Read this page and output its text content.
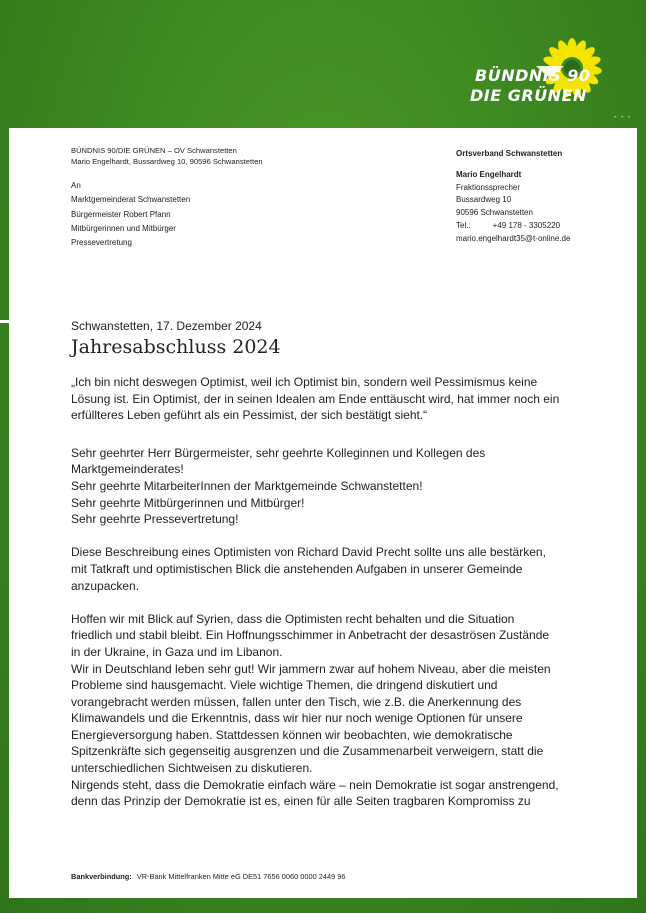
BÜNDNIS 90
DIE GRÜNEN
- - -
BÜNDNIS 90/DIE GRÜNEN – OV Schwanstetten
Mario Engelhardt, Bussardweg 10, 90596 Schwanstetten
An
Marktgemeinderat Schwanstetten
Bürgermeister Robert Pfann
Mitbürgerinnen und Mitbürger
Pressevertretung
Ortsverband Schwanstetten
Mario Engelhardt
Fraktionssprecher
Bussardweg 10
90596 Schwanstetten
Tel.:	+49 178 - 3305220
mario.engelhardt35@t-online.de
Schwanstetten, 17. Dezember 2024
Jahresabschluss 2024

„Ich bin nicht deswegen Optimist, weil ich Optimist bin, sondern weil Pessimismus keine
Lösung ist. Ein Optimist, der in seinen Idealen am Ende enttäuscht wird, hat immer noch ein
erfüllteres Leben geführt als ein Pessimist, der sich bestätigt sieht.“

Sehr geehrter Herr Bürgermeister, sehr geehrte Kolleginnen und Kollegen des
Marktgemeinderates!
Sehr geehrte MitarbeiterInnen der Marktgemeinde Schwanstetten!
Sehr geehrte Mitbürgerinnen und Mitbürger!
Sehr geehrte Pressevertretung!

Diese Beschreibung eines Optimisten von Richard David Precht sollte uns alle bestärken,
mit Tatkraft und optimistischen Blick die anstehenden Aufgaben in unserer Gemeinde
anzupacken.

Hoffen wir mit Blick auf Syrien, dass die Optimisten recht behalten und die Situation
friedlich und stabil bleibt. Ein Hoffnungsschimmer in Anbetracht der desaströsen Zustände
in der Ukraine, in Gaza und im Libanon.
Wir in Deutschland leben sehr gut! Wir jammern zwar auf hohem Niveau, aber die meisten
Probleme sind hausgemacht. Viele wichtige Themen, die dringend diskutiert und
vorangebracht werden müssen, fallen unter den Tisch, wie z.B. die Anerkennung des
Klimawandels und die Erkenntnis, dass wir hier nur noch wenige Optionen für unsere
Energieversorgung haben. Stattdessen können wir beobachten, wie demokratische
Spitzenkräfte sich gegenseitig ausgrenzen und die Zusammenarbeit verweigern, statt die
unterschiedlichen Sichtweisen zu diskutieren.
Nirgends steht, dass die Demokratie einfach wäre – nein Demokratie ist sogar anstrengend,
denn das Prinzip der Demokratie ist es, einen für alle Seiten tragbaren Kompromiss zu

Bankverbindung: VR-Bank Mittelfranken Mitte eG DE51 7656 0060 0000 2449 96
